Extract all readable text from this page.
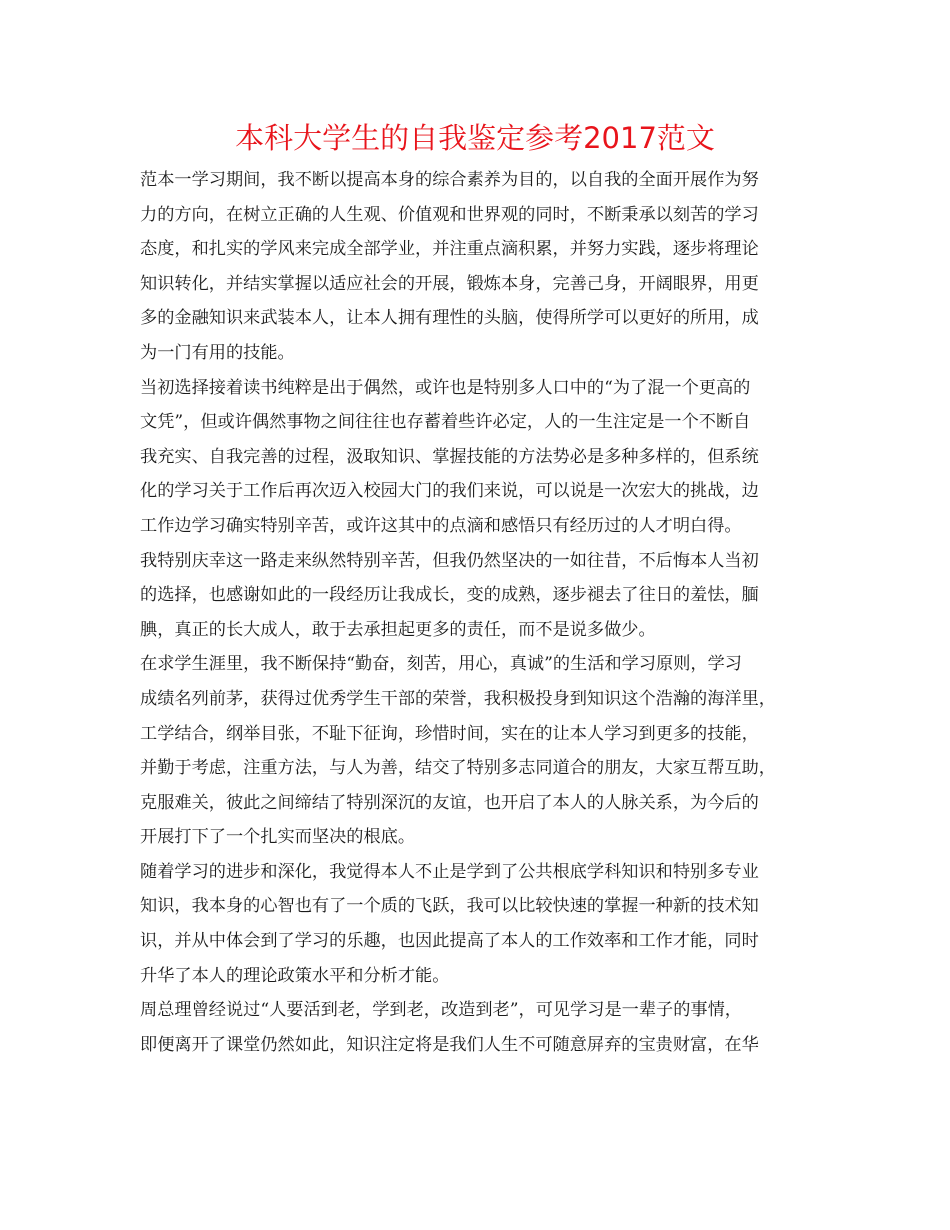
本科大学生的自我鉴定参考2017范文
范本一学习期间，我不断以提高本身的综合素养为目的，以自我的全面开展作为努
力的方向，在树立正确的人生观、价值观和世界观的同时，不断秉承以刻苦的学习
态度，和扎实的学风来完成全部学业，并注重点滴积累，并努力实践，逐步将理论
知识转化，并结实掌握以适应社会的开展，锻炼本身，完善己身，开阔眼界，用更
多的金融知识来武装本人，让本人拥有理性的头脑，使得所学可以更好的所用，成
为一门有用的技能。
当初选择接着读书纯粹是出于偶然，或许也是特别多人口中的“为了混一个更高的
文凭”，但或许偶然事物之间往往也存蓄着些许必定，人的一生注定是一个不断自
我充实、自我完善的过程，汲取知识、掌握技能的方法势必是多种多样的，但系统
化的学习关于工作后再次迈入校园大门的我们来说，可以说是一次宏大的挑战，边
工作边学习确实特别辛苦，或许这其中的点滴和感悟只有经历过的人才明白得。
我特别庆幸这一路走来纵然特别辛苦，但我仍然坚决的一如往昔，不后悔本人当初
的选择，也感谢如此的一段经历让我成长，变的成熟，逐步褪去了往日的羞怯，腼
腆，真正的长大成人，敢于去承担起更多的责任，而不是说多做少。
在求学生涯里，我不断保持“勤奋，刻苦，用心，真诚”的生活和学习原则，学习
成绩名列前茅，获得过优秀学生干部的荣誉，我积极投身到知识这个浩瀚的海洋里，
工学结合，纲举目张，不耻下征询，珍惜时间，实在的让本人学习到更多的技能，
并勤于考虑，注重方法，与人为善，结交了特别多志同道合的朋友，大家互帮互助，
克服难关，彼此之间缔结了特别深沉的友谊，也开启了本人的人脉关系，为今后的
开展打下了一个扎实而坚决的根底。
随着学习的进步和深化，我觉得本人不止是学到了公共根底学科知识和特别多专业
知识，我本身的心智也有了一个质的飞跃，我可以比较快速的掌握一种新的技术知
识，并从中体会到了学习的乐趣，也因此提高了本人的工作效率和工作才能，同时
升华了本人的理论政策水平和分析才能。
周总理曾经说过“人要活到老，学到老，改造到老”，可见学习是一辈子的事情，
即便离开了课堂仍然如此，知识注定将是我们人生不可随意屏弃的宝贵财富，在华
